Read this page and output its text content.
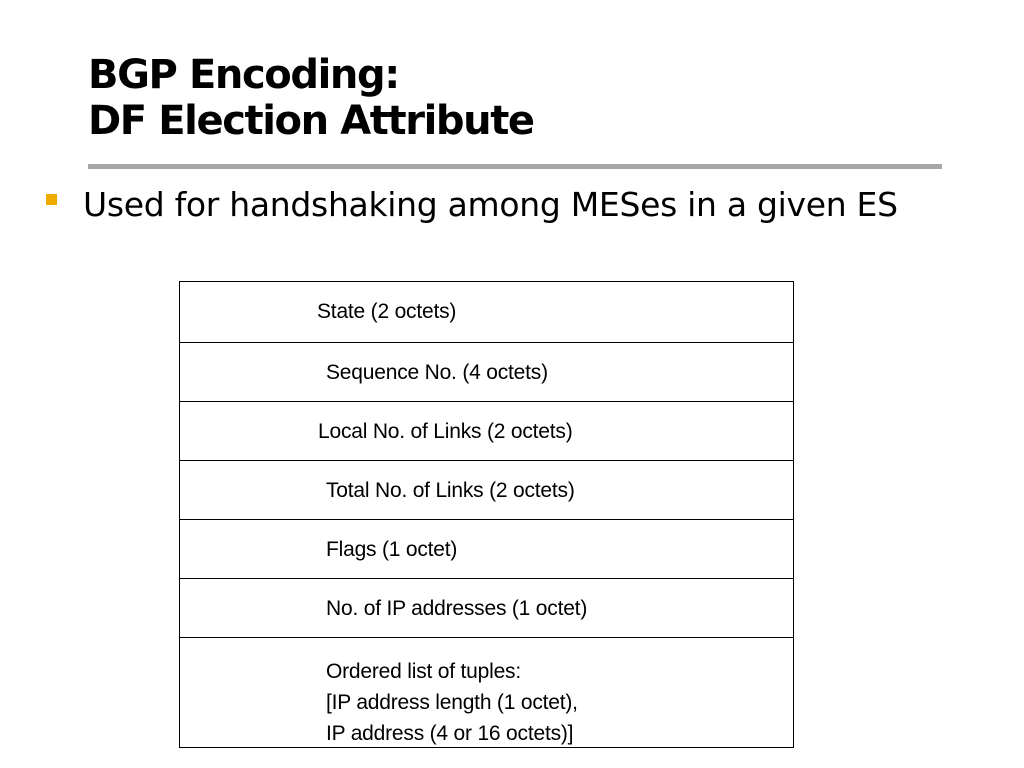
BGP Encoding:
DF Election Attribute
Used for handshaking among MESes in a given ES
State (2 octets)
Sequence No. (4 octets)
Local No. of Links (2 octets)
Total No. of Links (2 octets)
Flags (1 octet)
No. of IP addresses (1 octet)
Ordered list of tuples:
[IP address length (1 octet),
IP address (4 or 16 octets)]
